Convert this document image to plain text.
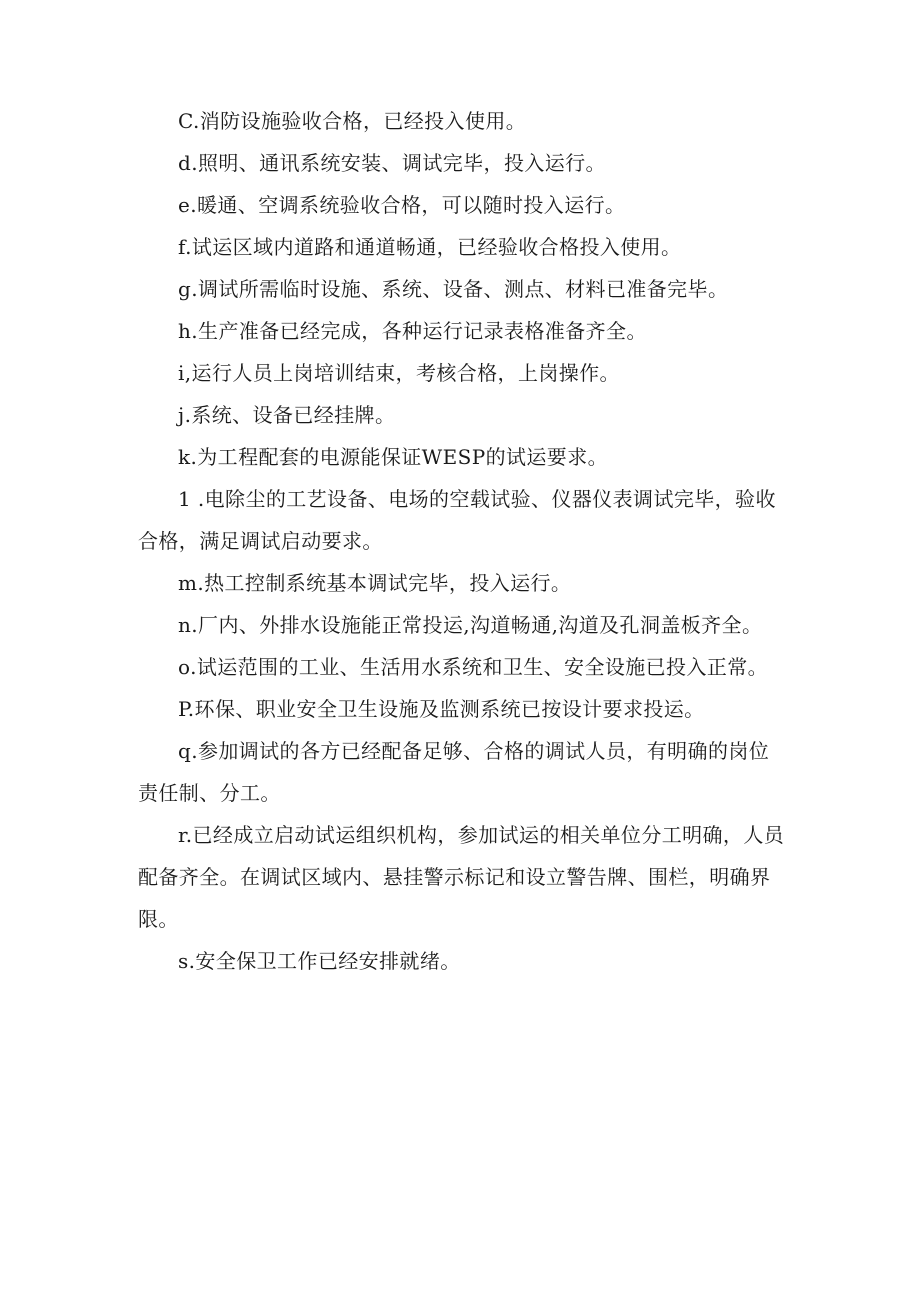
C.消防设施验收合格，已经投入使用。

d.照明、通讯系统安装、调试完毕，投入运行。

e.暖通、空调系统验收合格，可以随时投入运行。

f.试运区域内道路和通道畅通，已经验收合格投入使用。

g.调试所需临时设施、系统、设备、测点、材料已准备完毕。

h.生产准备已经完成，各种运行记录表格准备齐全。

i,运行人员上岗培训结束，考核合格，上岗操作。

j.系统、设备已经挂牌。

k.为工程配套的电源能保证WESP的试运要求。

1 .电除尘的工艺设备、电场的空载试验、仪器仪表调试完毕，验收合格，满足调试启动要求。

m.热工控制系统基本调试完毕，投入运行。

n.厂内、外排水设施能正常投运,沟道畅通,沟道及孔洞盖板齐全。

o.试运范围的工业、生活用水系统和卫生、安全设施已投入正常。

P.环保、职业安全卫生设施及监测系统已按设计要求投运。

q.参加调试的各方已经配备足够、合格的调试人员，有明确的岗位责任制、分工。

r.已经成立启动试运组织机构，参加试运的相关单位分工明确，人员配备齐全。在调试区域内、悬挂警示标记和设立警告牌、围栏，明确界限。

s.安全保卫工作已经安排就绪。
